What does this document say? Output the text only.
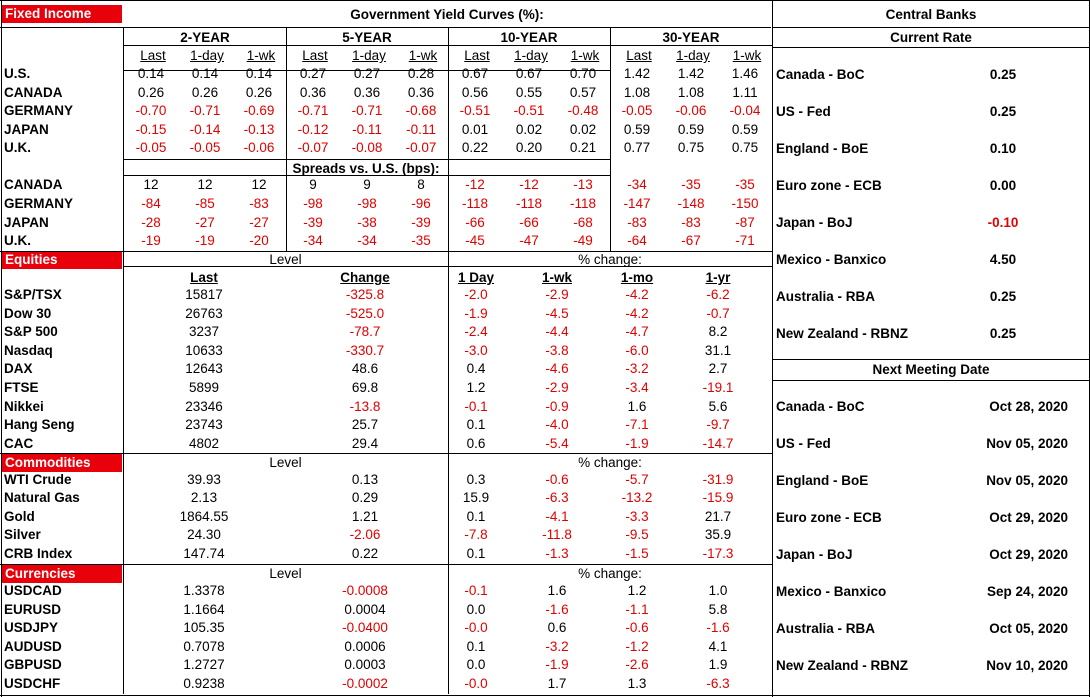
Fixed Income	Government Yield Curves (%):	Central Banks
Current Rate
Spreads vs. U.S. (bps):
Next Meeting Date
Equities	Level	% change:
Commodities	Level	% change:
Currencies	Level	% change:
2-YEAR	5-YEAR	10-YEAR	30-YEAR
Last	1-day	1-wk	Last	1-day	1-wk	Last	1-day	1-wk	Last	1-day	1-wk
U.S.	0.14	0.14	0.14	0.27	0.27	0.28	0.67	0.67	0.70	1.42	1.42	1.46
CANADA	0.26	0.26	0.26	0.36	0.36	0.36	0.56	0.55	0.57	1.08	1.08	1.11
GERMANY	-0.70	-0.71	-0.69	-0.71	-0.71	-0.68	-0.51	-0.51	-0.48	-0.05	-0.06	-0.04
JAPAN	-0.15	-0.14	-0.13	-0.12	-0.11	-0.11	0.01	0.02	0.02	0.59	0.59	0.59
U.K.	-0.05	-0.05	-0.06	-0.07	-0.08	-0.07	0.22	0.20	0.21	0.77	0.75	0.75
CANADA	12	12	12	9	9	8	-12	-12	-13	-34	-35	-35
GERMANY	-84	-85	-83	-98	-98	-96	-118	-118	-118	-147	-148	-150
JAPAN	-28	-27	-27	-39	-38	-39	-66	-66	-68	-83	-83	-87
U.K.	-19	-19	-20	-34	-34	-35	-45	-47	-49	-64	-67	-71
Last	Change	1 Day	1-wk	1-mo	1-yr
S&P/TSX	15817	-325.8	-2.0	-2.9	-4.2	-6.2
Dow 30	26763	-525.0	-1.9	-4.5	-4.2	-0.7
S&P 500	3237	-78.7	-2.4	-4.4	-4.7	8.2
Nasdaq	10633	-330.7	-3.0	-3.8	-6.0	31.1
DAX	12643	48.6	0.4	-4.6	-3.2	2.7
FTSE	5899	69.8	1.2	-2.9	-3.4	-19.1
Nikkei	23346	-13.8	-0.1	-0.9	1.6	5.6
Hang Seng	23743	25.7	0.1	-4.0	-7.1	-9.7
CAC	4802	29.4	0.6	-5.4	-1.9	-14.7
WTI Crude	39.93	0.13	0.3	-0.6	-5.7	-31.9
Natural Gas	2.13	0.29	15.9	-6.3	-13.2	-15.9
Gold	1864.55	1.21	0.1	-4.1	-3.3	21.7
Silver	24.30	-2.06	-7.8	-11.8	-9.5	35.9
CRB Index	147.74	0.22	0.1	-1.3	-1.5	-17.3
USDCAD	1.3378	-0.0008	-0.1	1.6	1.2	1.0
EURUSD	1.1664	0.0004	0.0	-1.6	-1.1	5.8
USDJPY	105.35	-0.0400	-0.0	0.6	-0.6	-1.6
AUDUSD	0.7078	0.0006	0.1	-3.2	-1.2	4.1
GBPUSD	1.2727	0.0003	0.0	-1.9	-2.6	1.9
USDCHF	0.9238	-0.0002	-0.0	1.7	1.3	-6.3
Canada - BoC	0.25
US - Fed	0.25
England - BoE	0.10
Euro zone - ECB	0.00
Japan - BoJ	-0.10
Mexico - Banxico	4.50
Australia - RBA	0.25
New Zealand - RBNZ	0.25
Canada - BoC	Oct 28, 2020
US - Fed	Nov 05, 2020
England - BoE	Nov 05, 2020
Euro zone - ECB	Oct 29, 2020
Japan - BoJ	Oct 29, 2020
Mexico - Banxico	Sep 24, 2020
Australia - RBA	Oct 05, 2020
New Zealand - RBNZ	Nov 10, 2020
